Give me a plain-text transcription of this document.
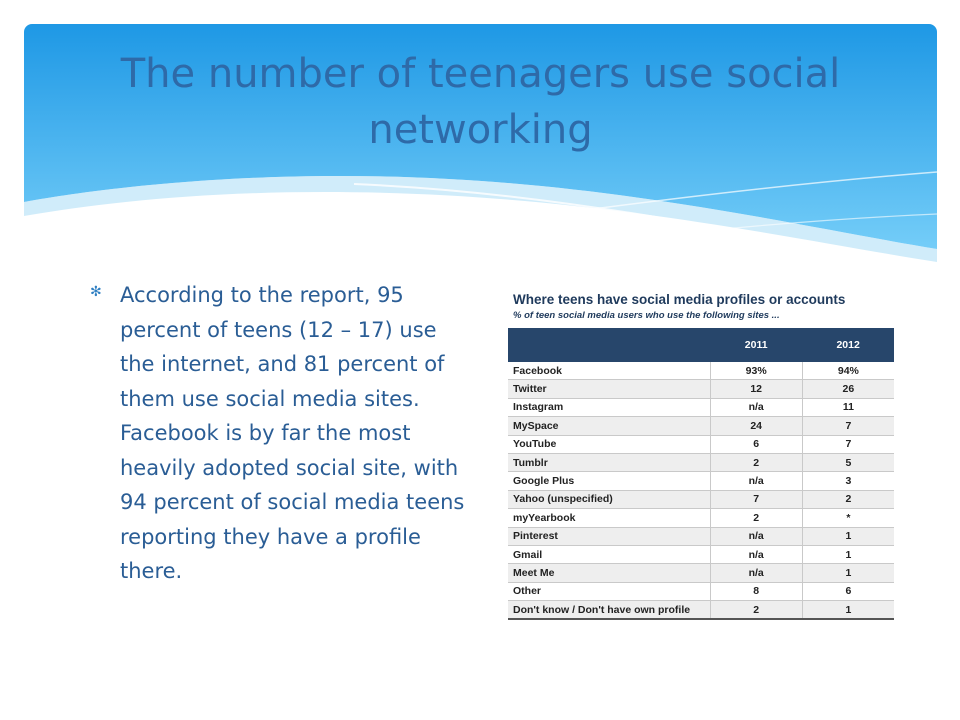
The number of teenagers use social networking
✻ According to the report, 95 percent of teens (12 – 17) use the internet, and 81 percent of them use social media sites. Facebook is by far the most heavily adopted social site, with 94 percent of social media teens reporting they have a profile there.

Where teens have social media profiles or accounts
% of teen social media users who use the following sites ...
	2011	2012
Facebook	93%	94%
Twitter	12	26
Instagram	n/a	11
MySpace	24	7
YouTube	6	7
Tumblr	2	5
Google Plus	n/a	3
Yahoo (unspecified)	7	2
myYearbook	2	*
Pinterest	n/a	1
Gmail	n/a	1
Meet Me	n/a	1
Other	8	6
Don't know / Don't have own profile	2	1
